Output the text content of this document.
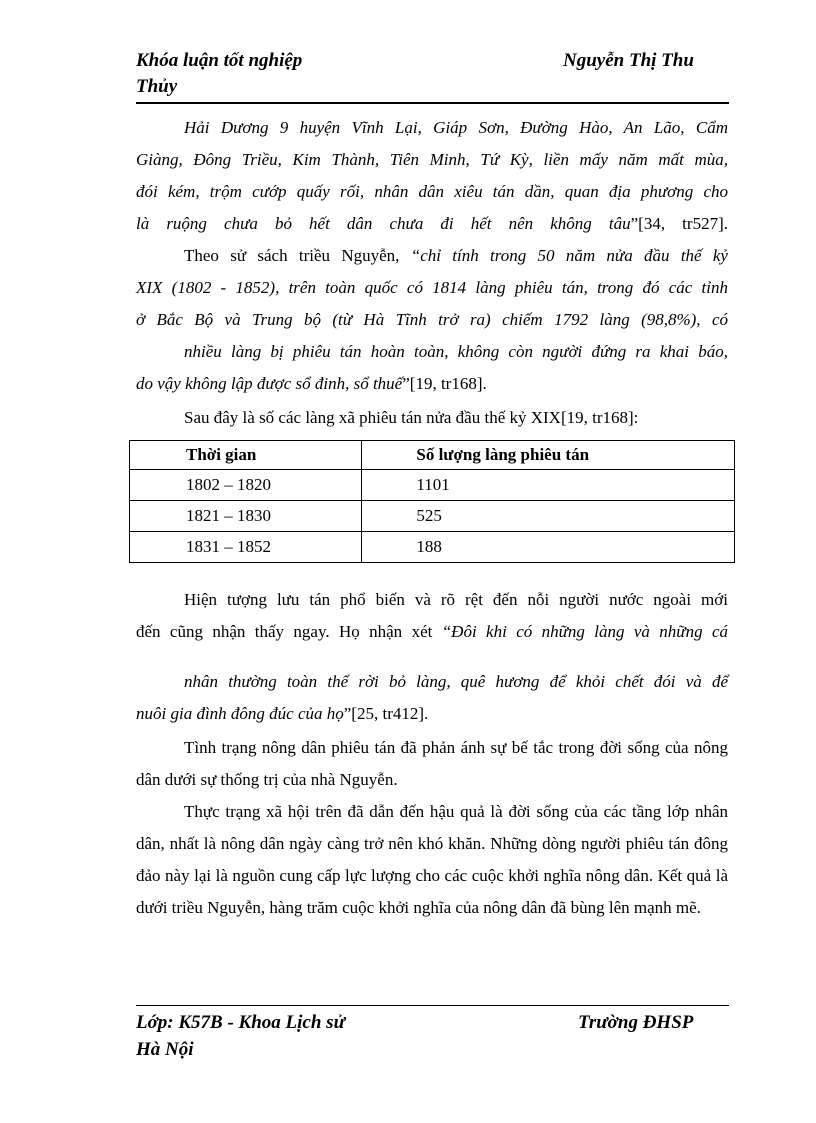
Khóa luận tốt nghiệp	Nguyễn Thị Thu
Thủy
Hải Dương 9 huyện Vĩnh Lại, Giáp Sơn, Đường Hào, An Lão, Cẩm
Giàng, Đông Triều, Kim Thành, Tiên Minh, Tứ Kỳ, liền mấy năm mất mùa,
đói kém, trộm cướp quấy rối, nhân dân xiêu tán dần, quan địa phương cho
là ruộng chưa bỏ hết dân chưa đi hết nên không tâu”[34, tr527].
Theo sử sách triều Nguyễn, “chỉ tính trong 50 năm nửa đầu thế kỷ
XIX (1802 - 1852), trên toàn quốc có 1814 làng phiêu tán, trong đó các tỉnh
ở Bắc Bộ và Trung bộ (từ Hà Tĩnh trở ra) chiếm 1792 làng (98,8%), có
nhiều làng bị phiêu tán hoàn toàn, không còn người đứng ra khai báo,
do vậy không lập được sổ đinh, sổ thuế”[19, tr168].
Sau đây là số các làng xã phiêu tán nửa đầu thế kỷ XIX[19, tr168]:
Thời gian	Số lượng làng phiêu tán
1802 – 1820	1101
1821 – 1830	525
1831 – 1852	188
Hiện tượng lưu tán phổ biến và rõ rệt đến nỗi người nước ngoài mới
đến cũng nhận thấy ngay. Họ nhận xét “Đôi khi có những làng và những cá
nhân thường toàn thể rời bỏ làng, quê hương để khỏi chết đói và để
nuôi gia đình đông đúc của họ”[25, tr412].
Tình trạng nông dân phiêu tán đã phản ánh sự bế tắc trong đời sống của nông dân dưới sự thống trị của nhà Nguyễn.
Thực trạng xã hội trên đã dẫn đến hậu quả là đời sống của các tầng lớp nhân dân, nhất là nông dân ngày càng trở nên khó khăn. Những dòng người phiêu tán đông đảo này lại là nguồn cung cấp lực lượng cho các cuộc khởi nghĩa nông dân. Kết quả là dưới triều Nguyễn, hàng trăm cuộc khởi nghĩa của nông dân đã bùng lên mạnh mẽ.
Lớp: K57B - Khoa Lịch sử	Trường ĐHSP
Hà Nội
